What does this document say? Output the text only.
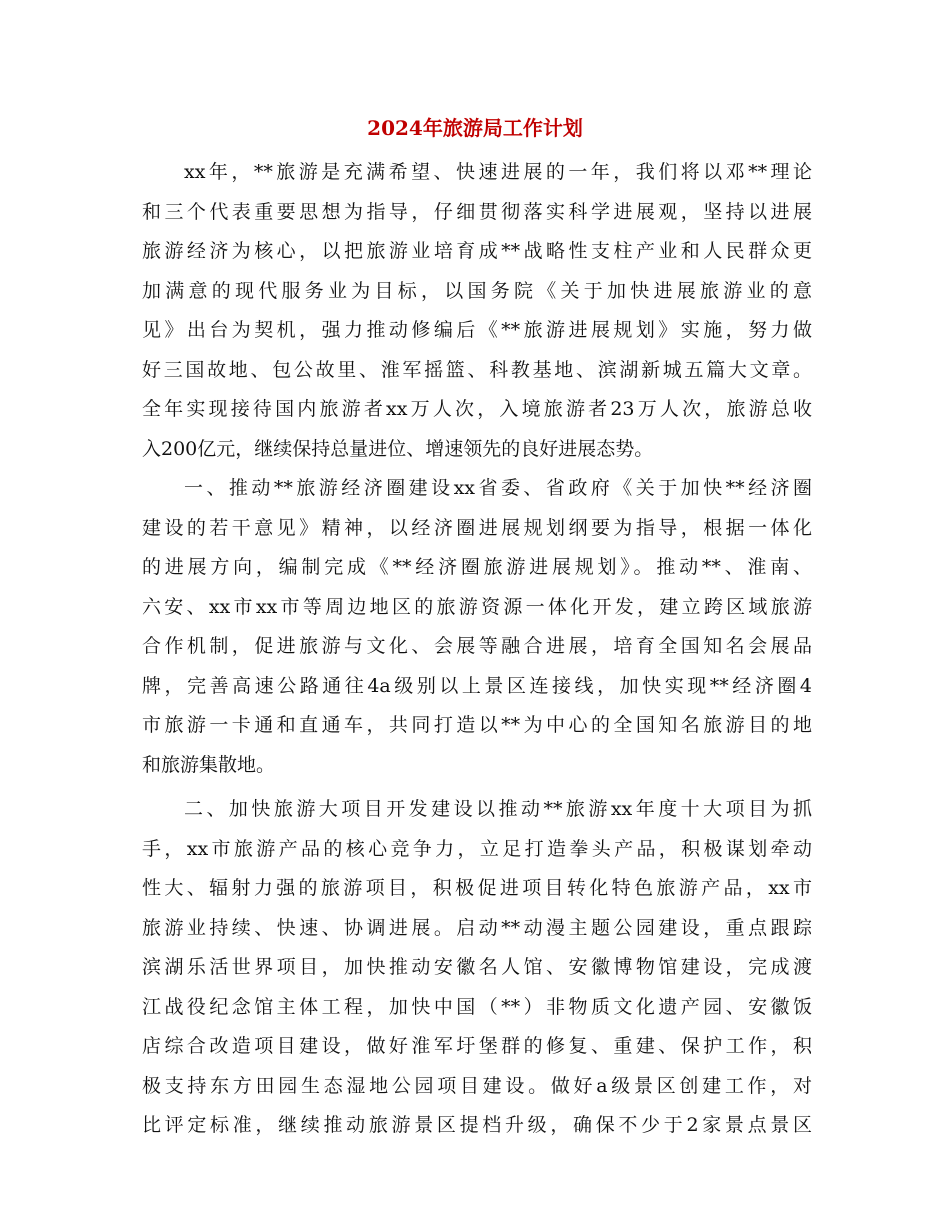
2024年旅游局工作计划
xx年，**旅游是充满希望、快速进展的一年，我们将以邓**理论
和三个代表重要思想为指导，仔细贯彻落实科学进展观，坚持以进展
旅游经济为核心，以把旅游业培育成**战略性支柱产业和人民群众更
加满意的现代服务业为目标，以国务院《关于加快进展旅游业的意
见》出台为契机，强力推动修编后《**旅游进展规划》实施，努力做
好三国故地、包公故里、淮军摇篮、科教基地、滨湖新城五篇大文章。
全年实现接待国内旅游者xx万人次，入境旅游者23万人次，旅游总收
入200亿元，继续保持总量进位、增速领先的良好进展态势。
一、推动**旅游经济圈建设xx省委、省政府《关于加快**经济圈
建设的若干意见》精神，以经济圈进展规划纲要为指导，根据一体化
的进展方向，编制完成《**经济圈旅游进展规划》。推动**、淮南、
六安、xx市xx市等周边地区的旅游资源一体化开发，建立跨区域旅游
合作机制，促进旅游与文化、会展等融合进展，培育全国知名会展品
牌，完善高速公路通往4a级别以上景区连接线，加快实现**经济圈4
市旅游一卡通和直通车，共同打造以**为中心的全国知名旅游目的地
和旅游集散地。
二、加快旅游大项目开发建设以推动**旅游xx年度十大项目为抓
手，xx市旅游产品的核心竞争力，立足打造拳头产品，积极谋划牵动
性大、辐射力强的旅游项目，积极促进项目转化特色旅游产品，xx市
旅游业持续、快速、协调进展。启动**动漫主题公园建设，重点跟踪
滨湖乐活世界项目，加快推动安徽名人馆、安徽博物馆建设，完成渡
江战役纪念馆主体工程，加快中国（**）非物质文化遗产园、安徽饭
店综合改造项目建设，做好淮军圩堡群的修复、重建、保护工作，积
极支持东方田园生态湿地公园项目建设。做好a级景区创建工作，对
比评定标准，继续推动旅游景区提档升级，确保不少于2家景点景区
